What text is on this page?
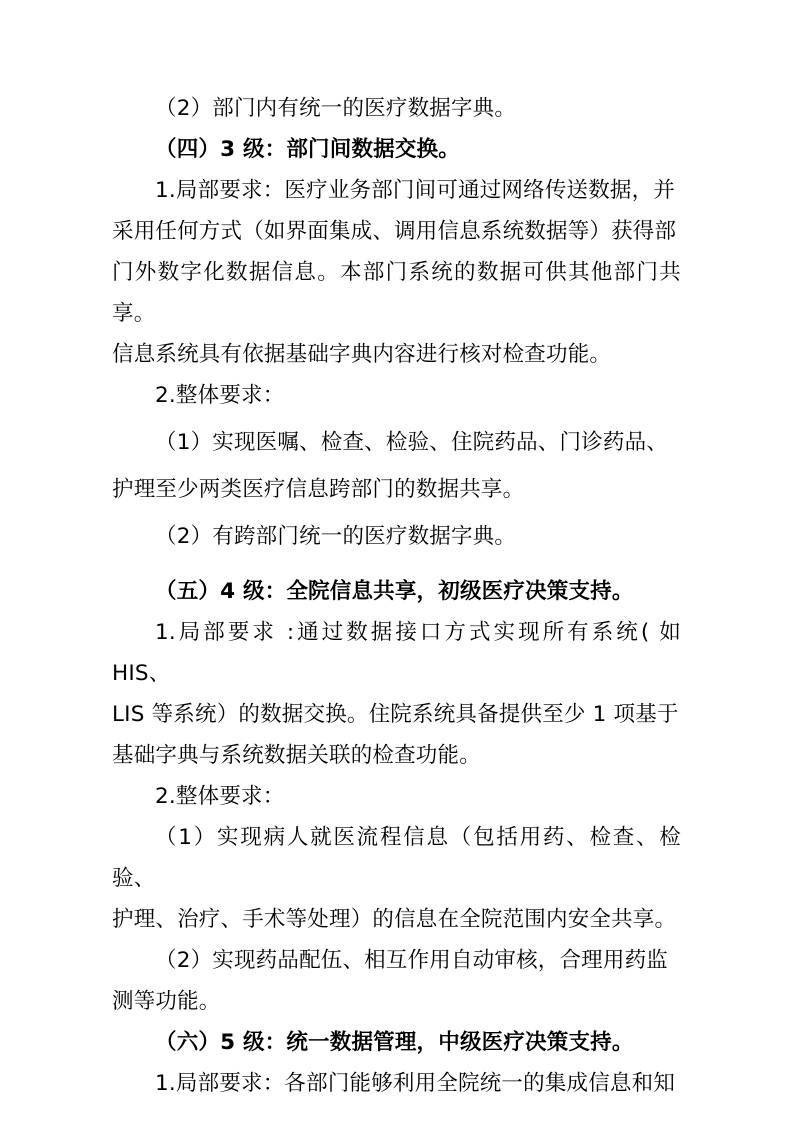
（2）部门内有统一的医疗数据字典。

（四）3 级：部门间数据交换。

1.局部要求：医疗业务部门间可通过网络传送数据，并

采用任何方式（如界面集成、调用信息系统数据等）获得部

门外数字化数据信息。本部门系统的数据可供其他部门共享。

信息系统具有依据基础字典内容进行核对检查功能。

2.整体要求：

（1）实现医嘱、检查、检验、住院药品、门诊药品、

护理至少两类医疗信息跨部门的数据共享。

（2）有跨部门统一的医疗数据字典。

（五）4 级：全院信息共享，初级医疗决策支持。

1.局部要求 :通过数据接口方式实现所有系统( 如 HIS、

LIS 等系统）的数据交换。住院系统具备提供至少 1 项基于

基础字典与系统数据关联的检查功能。

2.整体要求：

（1）实现病人就医流程信息（包括用药、检查、检验、

护理、治疗、手术等处理）的信息在全院范围内安全共享。

（2）实现药品配伍、相互作用自动审核，合理用药监

测等功能。

（六）5 级：统一数据管理，中级医疗决策支持。

1.局部要求：各部门能够利用全院统一的集成信息和知
